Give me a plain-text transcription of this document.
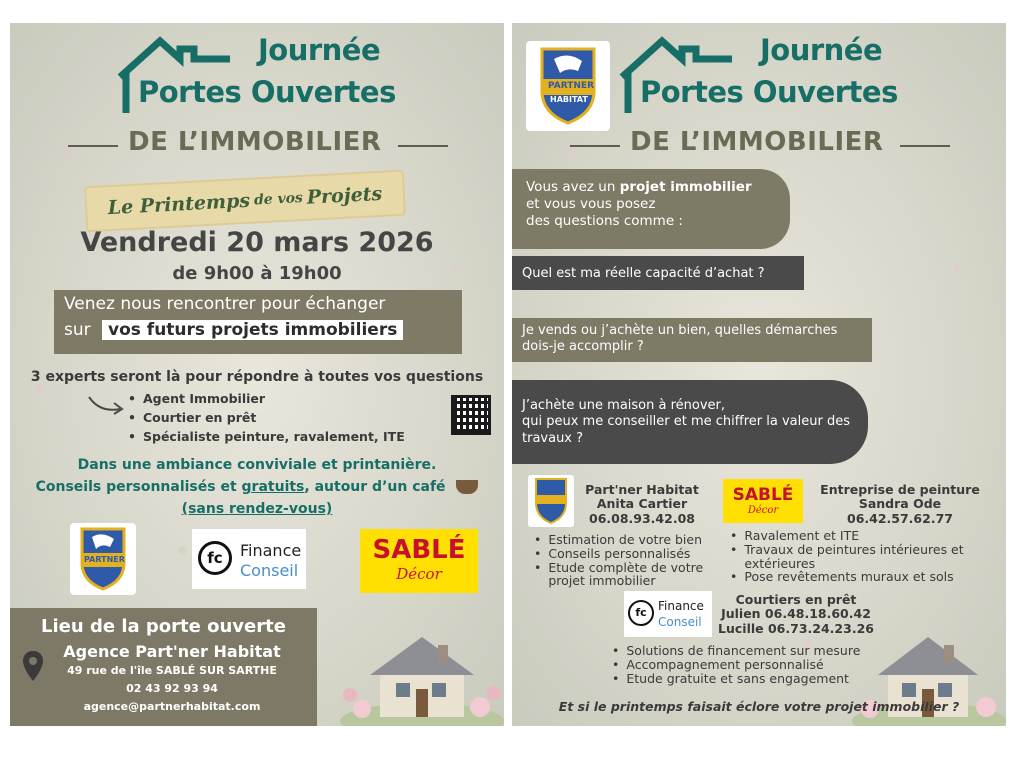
Journée
Portes Ouvertes
DE L’IMMOBILIER
Le Printemps de vos Projets
Vendredi 20 mars 2026
de 9h00 à 19h00
Venez nous rencontrer pour échanger
sur	vos futurs projets immobiliers
3 experts seront là pour répondre à toutes vos questions
• Agent Immobilier
• Courtier en prêt
• Spécialiste peinture, ravalement, ITE
Dans une ambiance conviviale et printanière.
Conseils personnalisés et gratuits, autour d’un café
(sans rendez-vous)
PARTNER	fc	Finance
Conseil
SABLÉ
Décor
Lieu de la porte ouverte
Agence Part'ner Habitat
49 rue de l'île SABLÉ SUR SARTHE
02 43 92 93 94
agence@partnerhabitat.com
PARTNER
HABITAT
Journée
Portes Ouvertes
DE L’IMMOBILIER
Vous avez un projet immobilier
et vous vous posez
des questions comme :
Quel est ma réelle capacité d’achat ?
Je vends ou j’achète un bien, quelles démarches
dois-je accomplir ?
J’achète une maison à rénover,
qui peux me conseiller et me chiffrer la valeur des
travaux ?
Part'ner Habitat
Anita Cartier
06.08.93.42.08
• Estimation de votre bien
• Conseils personnalisés
• Etude complète de votre projet immobilier
SABLÉ
Décor
Entreprise de peinture
Sandra Ode
06.42.57.62.77
• Ravalement et ITE
• Travaux de peintures intérieures et extérieures
• Pose revêtements muraux et sols
fc Finance
Conseil
Courtiers en prêt
Julien 06.48.18.60.42
Lucille 06.73.24.23.26
• Solutions de financement sur mesure
• Accompagnement personnalisé
• Etude gratuite et sans engagement
Et si le printemps faisait éclore votre projet immobilier ?
